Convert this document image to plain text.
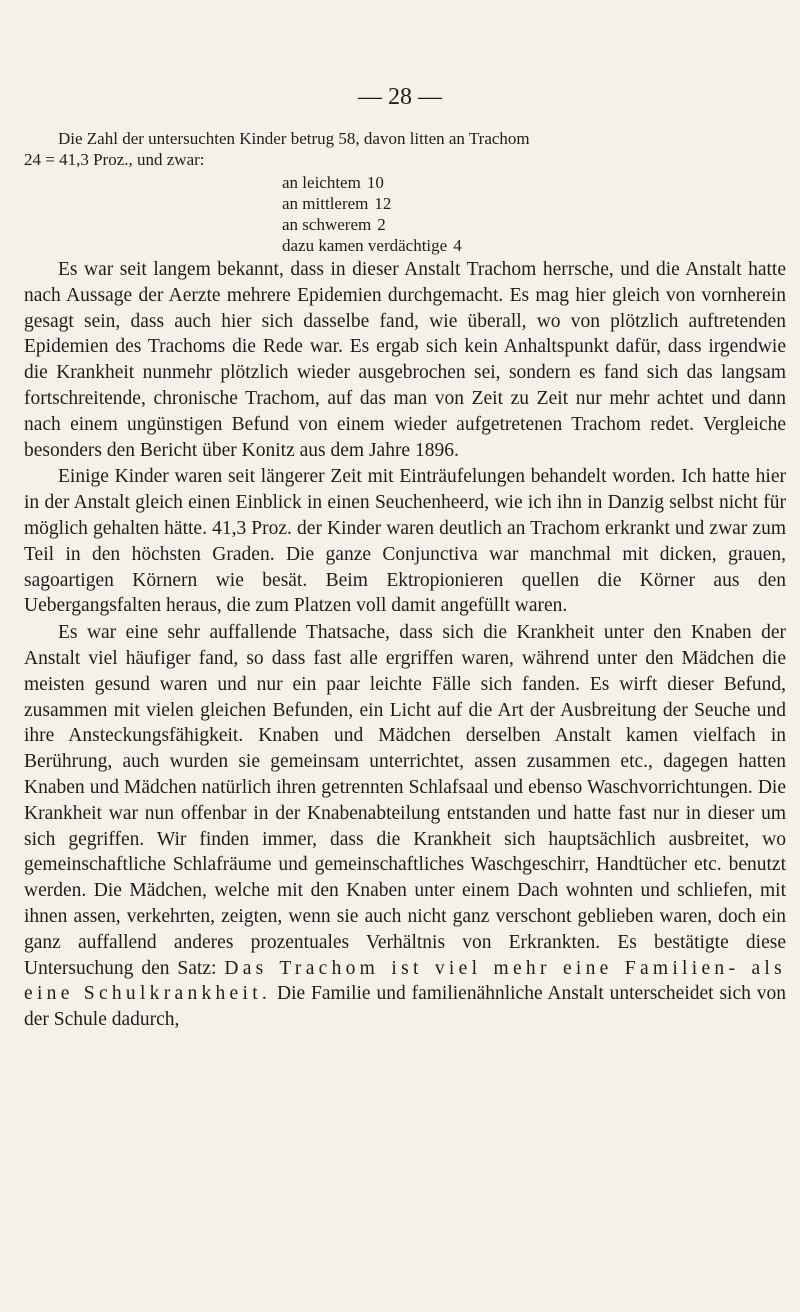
— 28 —
Die Zahl der untersuchten Kinder betrug 58, davon litten an Trachom
24 = 41,3 Proz., und zwar:
an leichtem 10
an mittlerem 12
an schwerem 2
dazu kamen verdächtige 4

Es war seit langem bekannt, dass in dieser Anstalt Trachom herrsche, und die Anstalt hatte nach Aussage der Aerzte mehrere Epidemien durchgemacht. Es mag hier gleich von vornherein gesagt sein, dass auch hier sich dasselbe fand, wie überall, wo von plötzlich auftretenden Epidemien des Trachoms die Rede war. Es ergab sich kein Anhaltspunkt dafür, dass irgendwie die Krankheit nunmehr plötzlich wieder ausgebrochen sei, sondern es fand sich das langsam fortschreitende, chronische Trachom, auf das man von Zeit zu Zeit nur mehr achtet und dann nach einem ungünstigen Befund von einem wieder aufgetretenen Trachom redet. Vergleiche besonders den Bericht über Konitz aus dem Jahre 1896.

Einige Kinder waren seit längerer Zeit mit Einträufelungen behandelt worden. Ich hatte hier in der Anstalt gleich einen Einblick in einen Seuchenheerd, wie ich ihn in Danzig selbst nicht für möglich gehalten hätte. 41,3 Proz. der Kinder waren deutlich an Trachom erkrankt und zwar zum Teil in den höchsten Graden. Die ganze Conjunctiva war manchmal mit dicken, grauen, sagoartigen Körnern wie besät. Beim Ektropionieren quellen die Körner aus den Uebergangsfalten heraus, die zum Platzen voll damit angefüllt waren.

Es war eine sehr auffallende Thatsache, dass sich die Krankheit unter den Knaben der Anstalt viel häufiger fand, so dass fast alle ergriffen waren, während unter den Mädchen die meisten gesund waren und nur ein paar leichte Fälle sich fanden. Es wirft dieser Befund, zusammen mit vielen gleichen Befunden, ein Licht auf die Art der Ausbreitung der Seuche und ihre Ansteckungsfähigkeit. Knaben und Mädchen derselben Anstalt kamen vielfach in Berührung, auch wurden sie gemeinsam unterrichtet, assen zusammen etc., dagegen hatten Knaben und Mädchen natürlich ihren getrennten Schlafsaal und ebenso Waschvorrichtungen. Die Krankheit war nun offenbar in der Knabenabteilung entstanden und hatte fast nur in dieser um sich gegriffen. Wir finden immer, dass die Krankheit sich hauptsächlich ausbreitet, wo gemeinschaftliche Schlafräume und gemeinschaftliches Waschgeschirr, Handtücher etc. benutzt werden. Die Mädchen, welche mit den Knaben unter einem Dach wohnten und schliefen, mit ihnen assen, verkehrten, zeigten, wenn sie auch nicht ganz verschont geblieben waren, doch ein ganz auffallend anderes prozentuales Verhältnis von Erkrankten. Es bestätigte diese Untersuchung den Satz: Das Trachom ist viel mehr eine Familien- als eine Schulkrankheit. Die Familie und familienähnliche Anstalt unterscheidet sich von der Schule dadurch,
